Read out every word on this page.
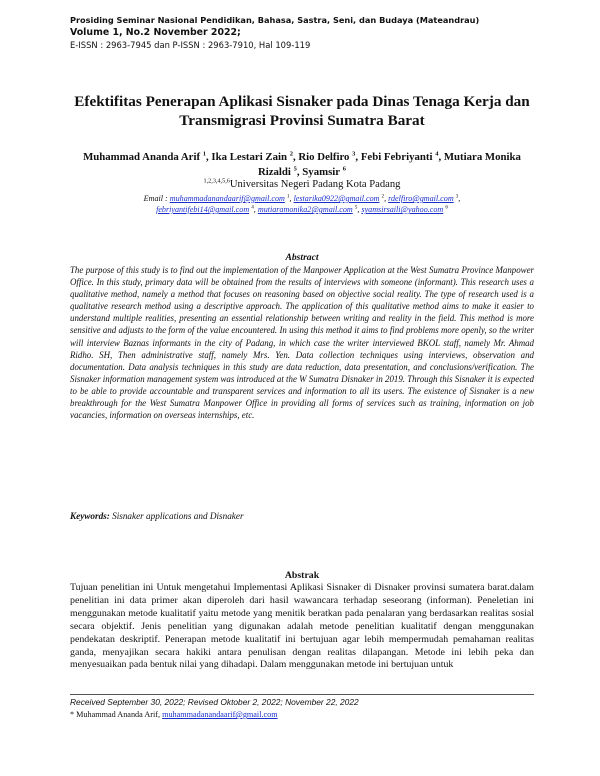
Prosiding Seminar Nasional Pendidikan, Bahasa, Sastra, Seni, dan Budaya (Mateandrau)
Volume 1, No.2 November 2022;
E-ISSN : 2963-7945 dan P-ISSN : 2963-7910, Hal 109-119
Efektifitas Penerapan Aplikasi Sisnaker pada Dinas Tenaga Kerja dan Transmigrasi Provinsi Sumatra Barat
Muhammad Ananda Arif $^1$, Ika Lestari Zain $^2$, Rio Delfiro $^3$, Febi Febriyanti $^4$, Mutiara Monika Rizaldi $^5$, Syamsir $^6$
$^{1,2,3,4,5,6}$Universitas Negeri Padang Kota Padang
Email : muhammadanandaarif@gmail.com $^1$, lestarika0922@gmail.com $^2$, rdelfiro@gmail.com $^3$, febriyantifebi14@gmail.com $^4$, mutiaramonika2@gmail.com $^5$, syamsirsaili@yahoo.com $^6$
Abstract
The purpose of this study is to find out the implementation of the Manpower Application at the West Sumatra Province Manpower Office. In this study, primary data will be obtained from the results of interviews with someone (informant). This research uses a qualitative method, namely a method that focuses on reasoning based on objective social reality. The type of research used is a qualitative research method using a descriptive approach. The application of this qualitative method aims to make it easier to understand multiple realities, presenting an essential relationship between writing and reality in the field. This method is more sensitive and adjusts to the form of the value encountered. In using this method it aims to find problems more openly, so the writer will interview Baznas informants in the city of Padang, in which case the writer interviewed BKOL staff, namely Mr. Ahmad Ridho. SH, Then administrative staff, namely Mrs. Yen. Data collection techniques using interviews, observation and documentation. Data analysis techniques in this study are data reduction, data presentation, and conclusions/verification. The Sisnaker information management system was introduced at the W Sumatra Disnaker in 2019. Through this Sisnaker it is expected to be able to provide accountable and transparent services and information to all its users. The existence of Sisnaker is a new breakthrough for the West Sumatra Manpower Office in providing all forms of services such as training, information on job vacancies, information on overseas internships, etc.
Keywords: Sisnaker applications and Disnaker
Abstrak
Tujuan penelitian ini Untuk mengetahui Implementasi Aplikasi Sisnaker di Disnaker provinsi sumatera barat.dalam penelitian ini data primer akan diperoleh dari hasil wawancara terhadap seseorang (informan). Peneletian ini menggunakan metode kualitatif yaitu metode yang menitik beratkan pada penalaran yang berdasarkan realitas sosial secara objektif. Jenis penelitian yang digunakan adalah metode penelitian kualitatif dengan menggunakan pendekatan deskriptif. Penerapan metode kualitatif ini bertujuan agar lebih mempermudah pemahaman realitas ganda, menyajikan secara hakiki antara penulisan dengan realitas dilapangan. Metode ini lebih peka dan menyesuaikan pada bentuk nilai yang dihadapi. Dalam menggunakan metode ini bertujuan untuk
Received September 30, 2022; Revised Oktober 2, 2022; November 22, 2022
* Muhammad Ananda Arif, muhammadanandaarif@gmail.com
